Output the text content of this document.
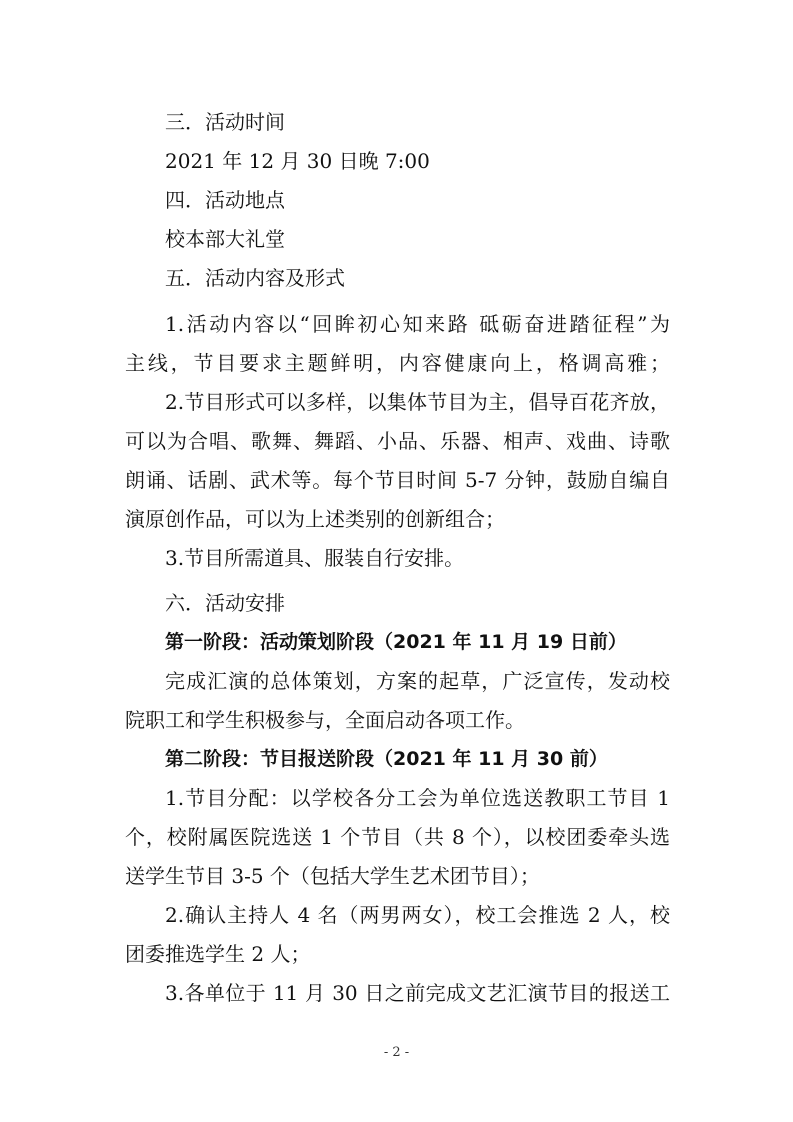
三．活动时间
2021 年 12 月 30 日晚 7:00
四．活动地点
校本部大礼堂
五．活动内容及形式
1.活动内容以“回眸初心知来路 砥砺奋进踏征程”为
主线，节目要求主题鲜明，内容健康向上，格调高雅；
2.节目形式可以多样，以集体节目为主，倡导百花齐放，
可以为合唱、歌舞、舞蹈、小品、乐器、相声、戏曲、诗歌
朗诵、话剧、武术等。每个节目时间 5-7 分钟，鼓励自编自
演原创作品，可以为上述类别的创新组合；
3.节目所需道具、服装自行安排。
六．活动安排
第一阶段：活动策划阶段（2021 年 11 月 19 日前）
完成汇演的总体策划，方案的起草，广泛宣传，发动校
院职工和学生积极参与，全面启动各项工作。
第二阶段：节目报送阶段（2021 年 11 月 30 前）
1.节目分配：以学校各分工会为单位选送教职工节目 1
个，校附属医院选送 1 个节目（共 8 个），以校团委牵头选
送学生节目 3-5 个（包括大学生艺术团节目）；
2.确认主持人 4 名（两男两女），校工会推选 2 人，校
团委推选学生 2 人；
3.各单位于 11 月 30 日之前完成文艺汇演节目的报送工
- 2 -
